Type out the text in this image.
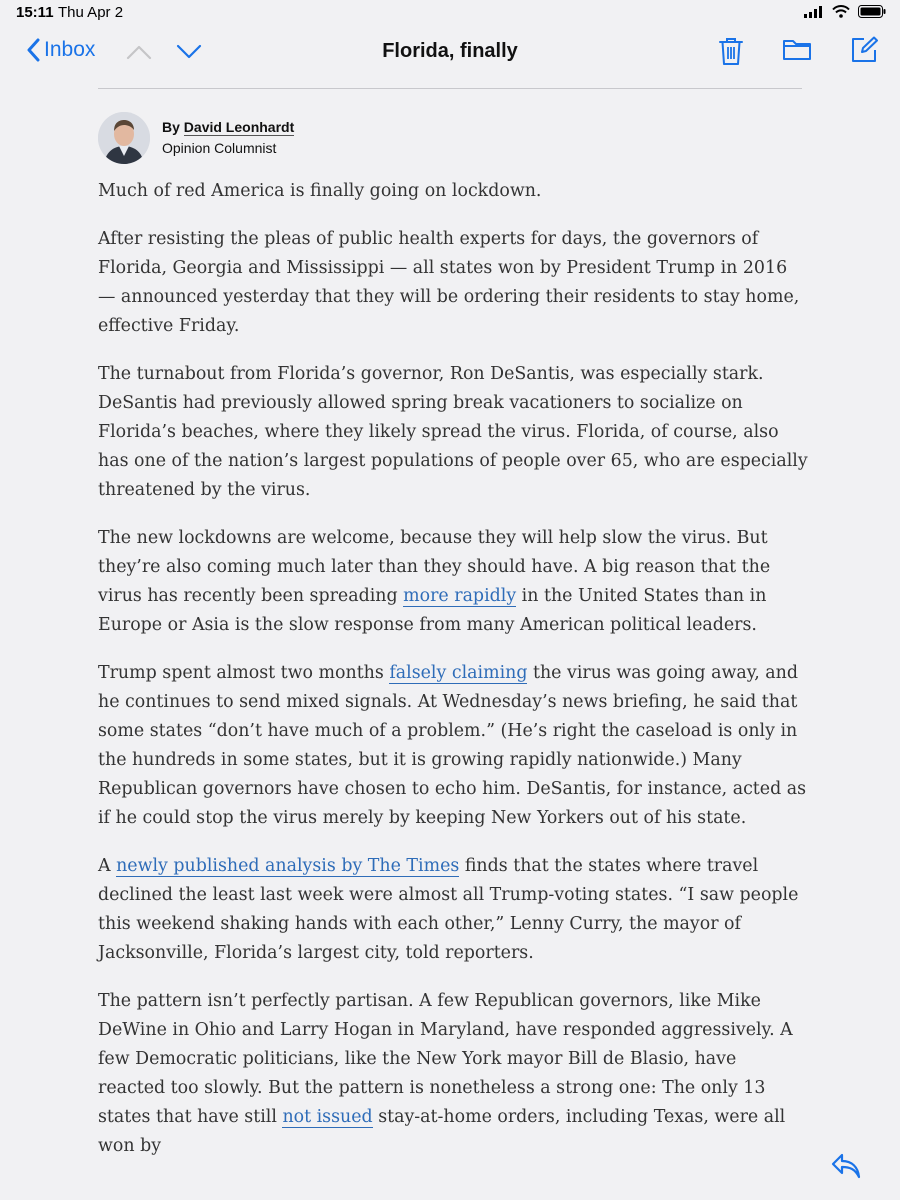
15:11 Thu Apr 2
Inbox	Florida, finally
By David Leonhardt
Opinion Columnist

Much of red America is finally going on lockdown.

After resisting the pleas of public health experts for days, the governors of Florida, Georgia and Mississippi — all states won by President Trump in 2016 — announced yesterday that they will be ordering their residents to stay home, effective Friday.

The turnabout from Florida’s governor, Ron DeSantis, was especially stark. DeSantis had previously allowed spring break vacationers to socialize on Florida’s beaches, where they likely spread the virus. Florida, of course, also has one of the nation’s largest populations of people over 65, who are especially threatened by the virus.

The new lockdowns are welcome, because they will help slow the virus. But they’re also coming much later than they should have. A big reason that the virus has recently been spreading more rapidly in the United States than in Europe or Asia is the slow response from many American political leaders.

Trump spent almost two months falsely claiming the virus was going away, and he continues to send mixed signals. At Wednesday’s news briefing, he said that some states “don’t have much of a problem.” (He’s right the caseload is only in the hundreds in some states, but it is growing rapidly nationwide.) Many Republican governors have chosen to echo him. DeSantis, for instance, acted as if he could stop the virus merely by keeping New Yorkers out of his state.

A newly published analysis by The Times finds that the states where travel declined the least last week were almost all Trump-voting states. “I saw people this weekend shaking hands with each other,” Lenny Curry, the mayor of Jacksonville, Florida’s largest city, told reporters.

The pattern isn’t perfectly partisan. A few Republican governors, like Mike DeWine in Ohio and Larry Hogan in Maryland, have responded aggressively. A few Democratic politicians, like the New York mayor Bill de Blasio, have reacted too slowly. But the pattern is nonetheless a strong one: The only 13 states that have still not issued stay-at-home orders, including Texas, were all won by
